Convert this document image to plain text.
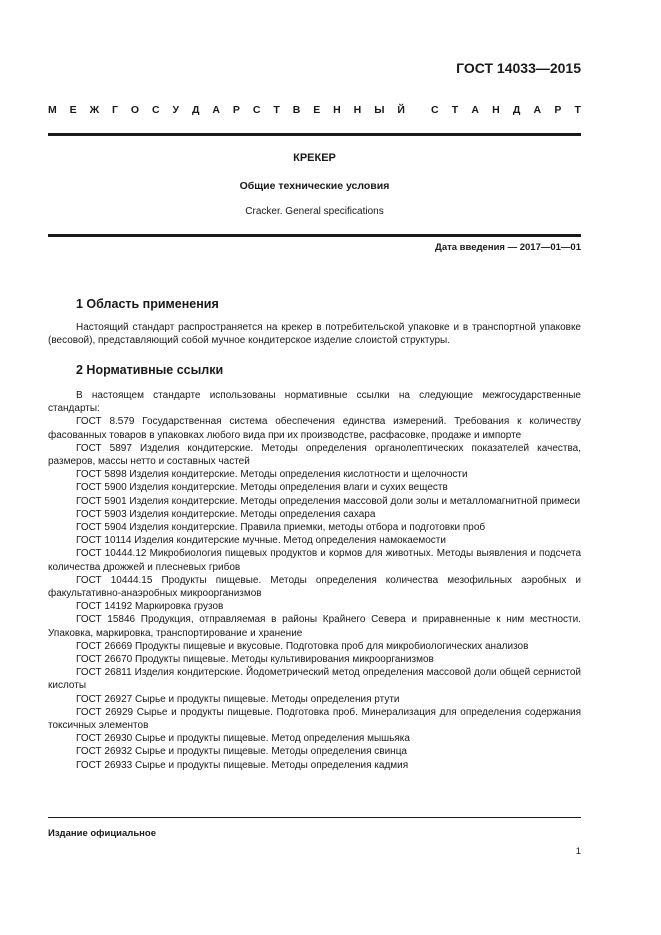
ГОСТ 14033—2015
М Е Ж Г О С У Д А Р С Т В Е Н Н Ы Й С Т А Н Д А Р Т
КРЕКЕР
Общие технические условия
Cracker. General specifications
Дата введения — 2017—01—01
1 Область применения

Настоящий стандарт распространяется на крекер в потребительской упаковке и в транспортной упаковке (весовой), представляющий собой мучное кондитерское изделие слоистой структуры.

2 Нормативные ссылки

В настоящем стандарте использованы нормативные ссылки на следующие межгосударственные стандарты:

ГОСТ 8.579 Государственная система обеспечения единства измерений. Требования к количеству фасованных товаров в упаковках любого вида при их производстве, расфасовке, продаже и импорте

ГОСТ 5897 Изделия кондитерские. Методы определения органолептических показателей качества, размеров, массы нетто и составных частей

ГОСТ 5898 Изделия кондитерские. Методы определения кислотности и щелочности

ГОСТ 5900 Изделия кондитерские. Методы определения влаги и сухих веществ

ГОСТ 5901 Изделия кондитерские. Методы определения массовой доли золы и металломагнитной примеси

ГОСТ 5903 Изделия кондитерские. Методы определения сахара

ГОСТ 5904 Изделия кондитерские. Правила приемки, методы отбора и подготовки проб

ГОСТ 10114 Изделия кондитерские мучные. Метод определения намокаемости

ГОСТ 10444.12 Микробиология пищевых продуктов и кормов для животных. Методы выявления и подсчета количества дрожжей и плесневых грибов

ГОСТ 10444.15 Продукты пищевые. Методы определения количества мезофильных аэробных и факультативно-анаэробных микроорганизмов

ГОСТ 14192 Маркировка грузов

ГОСТ 15846 Продукция, отправляемая в районы Крайнего Севера и приравненные к ним местности. Упаковка, маркировка, транспортирование и хранение

ГОСТ 26669 Продукты пищевые и вкусовые. Подготовка проб для микробиологических анализов

ГОСТ 26670 Продукты пищевые. Методы культивирования микроорганизмов

ГОСТ 26811 Изделия кондитерские. Йодометрический метод определения массовой доли общей сернистой кислоты

ГОСТ 26927 Сырье и продукты пищевые. Методы определения ртути

ГОСТ 26929 Сырье и продукты пищевые. Подготовка проб. Минерализация для определения содержания токсичных элементов

ГОСТ 26930 Сырье и продукты пищевые. Метод определения мышьяка

ГОСТ 26932 Сырье и продукты пищевые. Методы определения свинца

ГОСТ 26933 Сырье и продукты пищевые. Методы определения кадмия

Издание официальное
1
